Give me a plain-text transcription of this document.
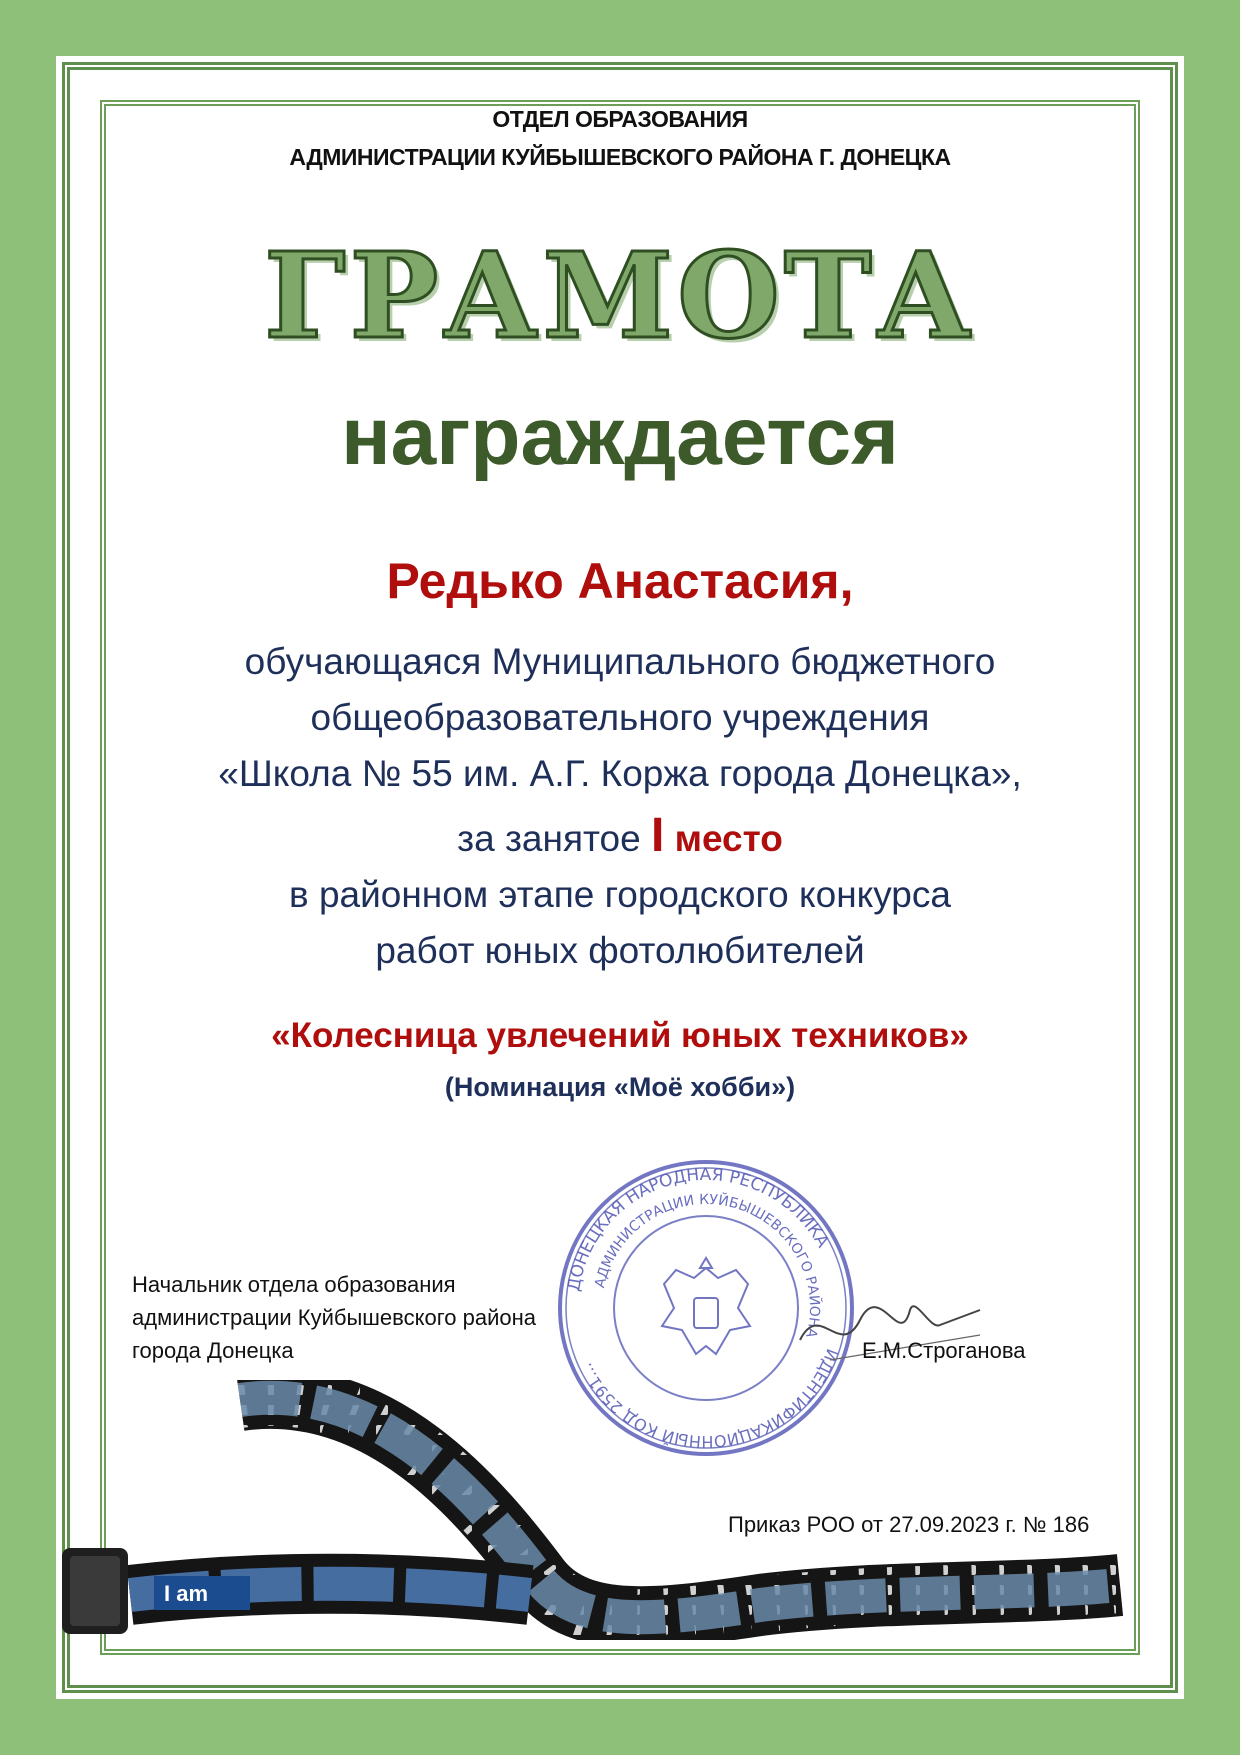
ОТДЕЛ ОБРАЗОВАНИЯ
АДМИНИСТРАЦИИ КУЙБЫШЕВСКОГО РАЙОНА Г. ДОНЕЦКА
ГРАМОТА
награждается
Редько Анастасия,
обучающаяся Муниципального бюджетного
общеобразовательного учреждения
«Школа № 55 им. А.Г. Коржа города Донецка»,
за занятое I место
в районном этапе городского конкурса
работ юных фотолюбителей
«Колесница увлечений юных техников»
(Номинация «Моё хобби»)
ДОНЕЦКАЯ НАРОДНАЯ РЕСПУБЛИКА
АДМИНИСТРАЦИИ КУЙБЫШЕВСКОГО РАЙОНА
ИДЕНТИФИКАЦИОННЫЙ КОД 2591...
Начальник отдела образования
администрации Куйбышевского района
города Донецка	Е.М.Строганова
I am
Приказ РОО от 27.09.2023 г. № 186
